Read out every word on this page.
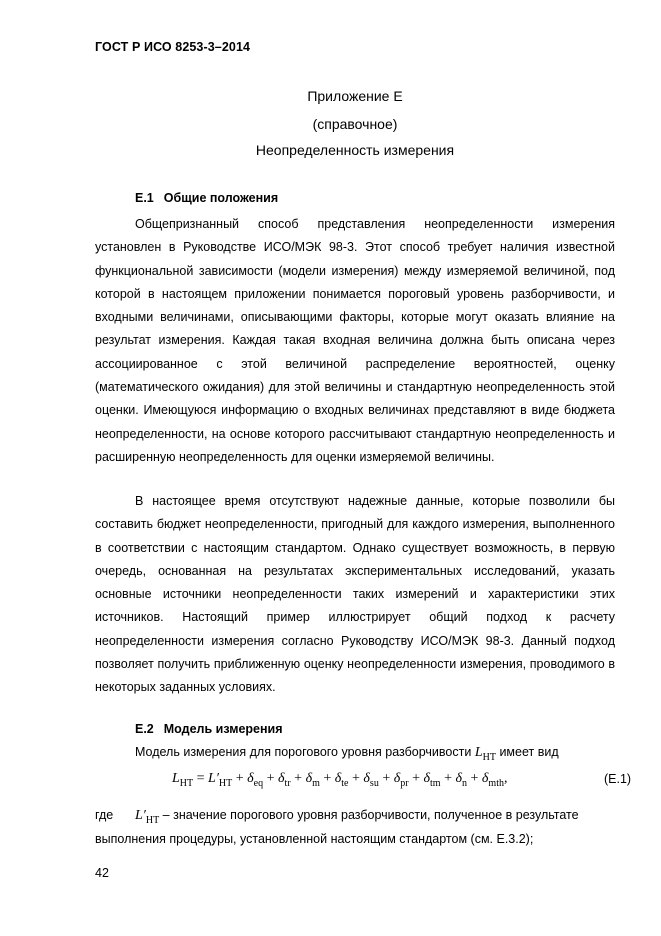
ГОСТ Р ИСО 8253-3–2014
Приложение Е
(справочное)
Неопределенность измерения
Е.1 Общие положения

Общепризнанный способ представления неопределенности измерения установлен в Руководстве ИСО/МЭК 98-3. Этот способ требует наличия известной функциональной зависимости (модели измерения) между измеряемой величиной, под которой в настоящем приложении понимается пороговый уровень разборчивости, и входными величинами, описывающими факторы, которые могут оказать влияние на результат измерения. Каждая такая входная величина должна быть описана через ассоциированное с этой величиной распределение вероятностей, оценку (математического ожидания) для этой величины и стандартную неопределенность этой оценки. Имеющуюся информацию о входных величинах представляют в виде бюджета неопределенности, на основе которого рассчитывают стандартную неопределенность и расширенную неопределенность для оценки измеряемой величины.

В настоящее время отсутствуют надежные данные, которые позволили бы составить бюджет неопределенности, пригодный для каждого измерения, выполненного в соответствии с настоящим стандартом. Однако существует возможность, в первую очередь, основанная на результатах экспериментальных исследований, указать основные источники неопределенности таких измерений и характеристики этих источников. Настоящий пример иллюстрирует общий подход к расчету неопределенности измерения согласно Руководству ИСО/МЭК 98-3. Данный подход позволяет получить приближенную оценку неопределенности измерения, проводимого в некоторых заданных условиях.

Е.2 Модель измерения
Модель измерения для порогового уровня разборчивости $L_{HT}$ имеет вид
$L_{HT} = L'_{HT} + \delta_{eq} + \delta_{tr} + \delta_m + \delta_{te} + \delta_{su} + \delta_{pr} + \delta_{tm} + \delta_n + \delta_{mth}$,	(Е.1)
где $L'_{HT}$ – значение порогового уровня разборчивости, полученное в результате
выполнения процедуры, установленной настоящим стандартом (см. Е.3.2);
42
